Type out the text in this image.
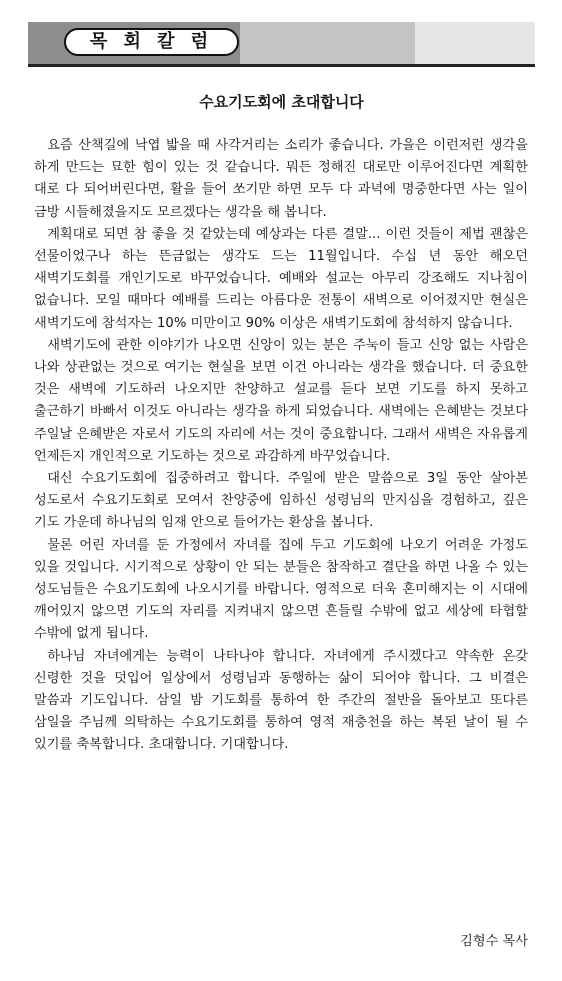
목 회 칼 럼
수요기도회에 초대합니다

요즘 산책길에 낙엽 밟을 때 사각거리는 소리가 좋습니다. 가을은 이런저런 생각을 하게 만드는 묘한 힘이 있는 것 같습니다. 뭐든 정해진 대로만 이루어진다면 계획한 대로 다 되어버린다면, 활을 들어 쏘기만 하면 모두 다 과녁에 명중한다면 사는 일이 금방 시들해졌을지도 모르겠다는 생각을 해 봅니다.

계획대로 되면 참 좋을 것 같았는데 예상과는 다른 결말... 이런 것들이 제법 괜찮은 선물이었구나 하는 뜬금없는 생각도 드는 11월입니다. 수십 년 동안 해오던 새벽기도회를 개인기도로 바꾸었습니다. 예배와 설교는 아무리 강조해도 지나침이 없습니다. 모일 때마다 예배를 드리는 아름다운 전통이 새벽으로 이어졌지만 현실은 새벽기도에 참석자는 10% 미만이고 90% 이상은 새벽기도회에 참석하지 않습니다.

새벽기도에 관한 이야기가 나오면 신앙이 있는 분은 주눅이 들고 신앙 없는 사람은 나와 상관없는 것으로 여기는 현실을 보면 이건 아니라는 생각을 했습니다. 더 중요한 것은 새벽에 기도하러 나오지만 찬양하고 설교를 듣다 보면 기도를 하지 못하고 출근하기 바빠서 이것도 아니라는 생각을 하게 되었습니다. 새벽에는 은혜받는 것보다 주일날 은혜받은 자로서 기도의 자리에 서는 것이 중요합니다. 그래서 새벽은 자유롭게 언제든지 개인적으로 기도하는 것으로 과감하게 바꾸었습니다.

대신 수요기도회에 집중하려고 합니다. 주일에 받은 말씀으로 3일 동안 살아본 성도로서 수요기도회로 모여서 찬양중에 임하신 성령님의 만지심을 경험하고, 깊은 기도 가운데 하나님의 임재 안으로 들어가는 환상을 봅니다.

물론 어린 자녀를 둔 가정에서 자녀를 집에 두고 기도회에 나오기 어려운 가정도 있을 것입니다. 시기적으로 상황이 안 되는 분들은 참작하고 결단을 하면 나올 수 있는 성도님들은 수요기도회에 나오시기를 바랍니다. 영적으로 더욱 혼미해지는 이 시대에 깨어있지 않으면 기도의 자리를 지켜내지 않으면 흔들릴 수밖에 없고 세상에 타협할 수밖에 없게 됩니다.

하나님 자녀에게는 능력이 나타나야 합니다. 자녀에게 주시겠다고 약속한 온갖 신령한 것을 덧입어 일상에서 성령님과 동행하는 삶이 되어야 합니다. 그 비결은 말씀과 기도입니다. 삼일 밤 기도회를 통하여 한 주간의 절반을 돌아보고 또다른 삼일을 주님께 의탁하는 수요기도회를 통하여 영적 재충천을 하는 복된 날이 될 수 있기를 축복합니다. 초대합니다. 기대합니다.

김형수 목사
